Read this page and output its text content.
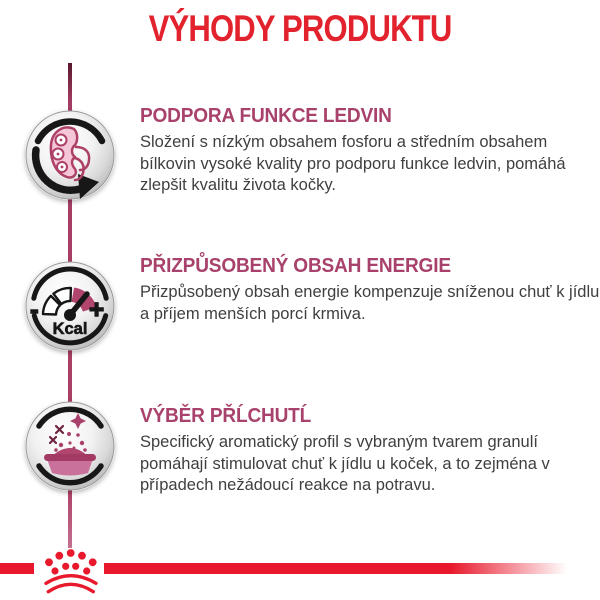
VÝHODY PRODUKTU
PODPORA FUNKCE LEDVIN

Složení s nízkým obsahem fosforu a středním obsahem bílkovin vysoké kvality pro podporu funkce ledvin, pomáhá zlepšit kvalitu života kočky.

- +
Kcal
PŘIZPŮSOBENÝ OBSAH ENERGIE

Přizpůsobený obsah energie kompenzuje sníženou chuť k jídlu a příjem menších porcí krmiva.

VÝBĚR PŘĹCHUTĹ

Specifický aromatický profil s vybraným tvarem granulí pomáhají stimulovat chuť k jídlu u koček, a to zejména v případech nežádoucí reakce na potravu.
